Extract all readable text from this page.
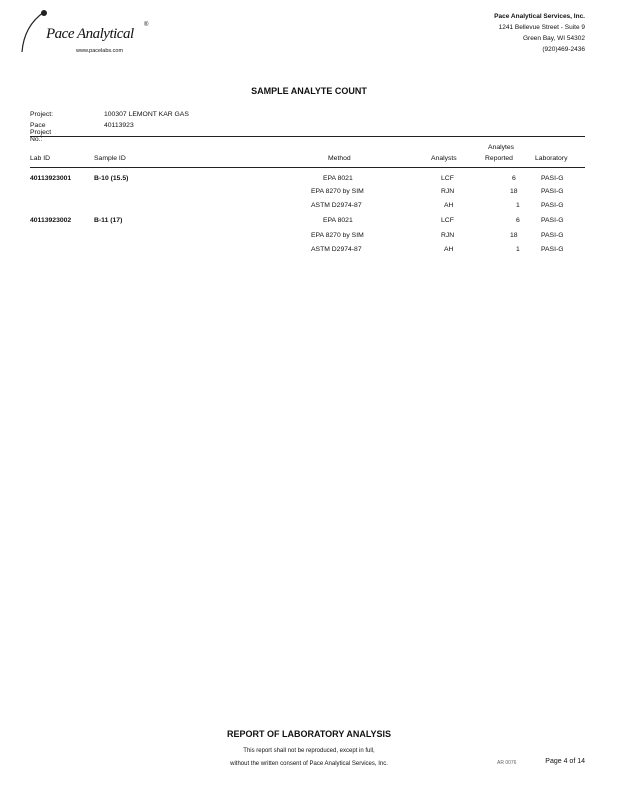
Pace Analytical
®
www.pacelabs.com
Pace Analytical Services, Inc.
1241 Bellevue Street - Suite 9
Green Bay, WI 54302
(920)469-2436
SAMPLE ANALYTE COUNT
Project:	100307 LEMONT KAR GAS
Pace Project No.:
40113923
Lab ID	Sample ID	Method	Analysts
Analytes
Reported	Laboratory
40113923001	B-10 (15.5)	EPA 8021	LCF	6	PASI-G
EPA 8270 by SIM	RJN	18	PASI-G
ASTM D2974-87	AH	1	PASI-G
40113923002	B-11 (17)	EPA 8021	LCF	6	PASI-G
EPA 8270 by SIM	RJN	18	PASI-G
ASTM D2974-87	AH	1	PASI-G
REPORT OF LABORATORY ANALYSIS
This report shall not be reproduced, except in full,
without the written consent of Pace Analytical Services, Inc.	AR 0076	Page 4 of 14
